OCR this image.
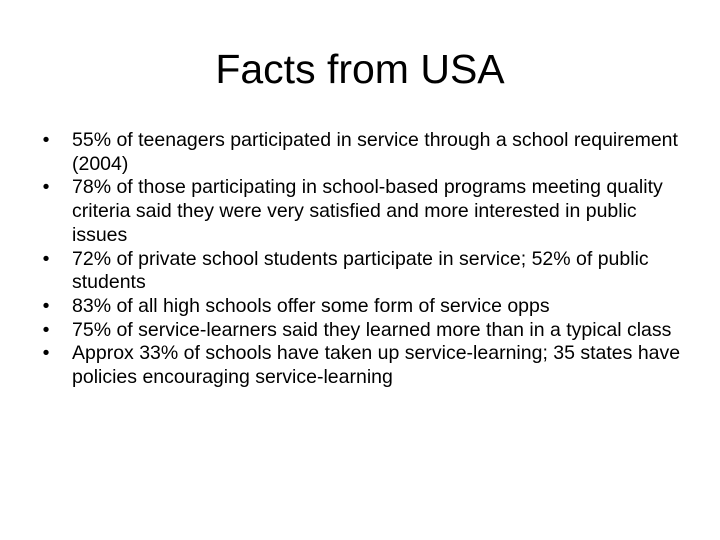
Facts from USA
•	55% of teenagers participated in service through a school requirement (2004)
•	78% of those participating in school-based programs meeting quality criteria said they were very satisfied and more interested in public issues
•	72% of private school students participate in service; 52% of public students
•	83% of all high schools offer some form of service opps
•	75% of service-learners said they learned more than in a typical class
•	Approx 33% of schools have taken up service-learning; 35 states have policies encouraging service-learning
